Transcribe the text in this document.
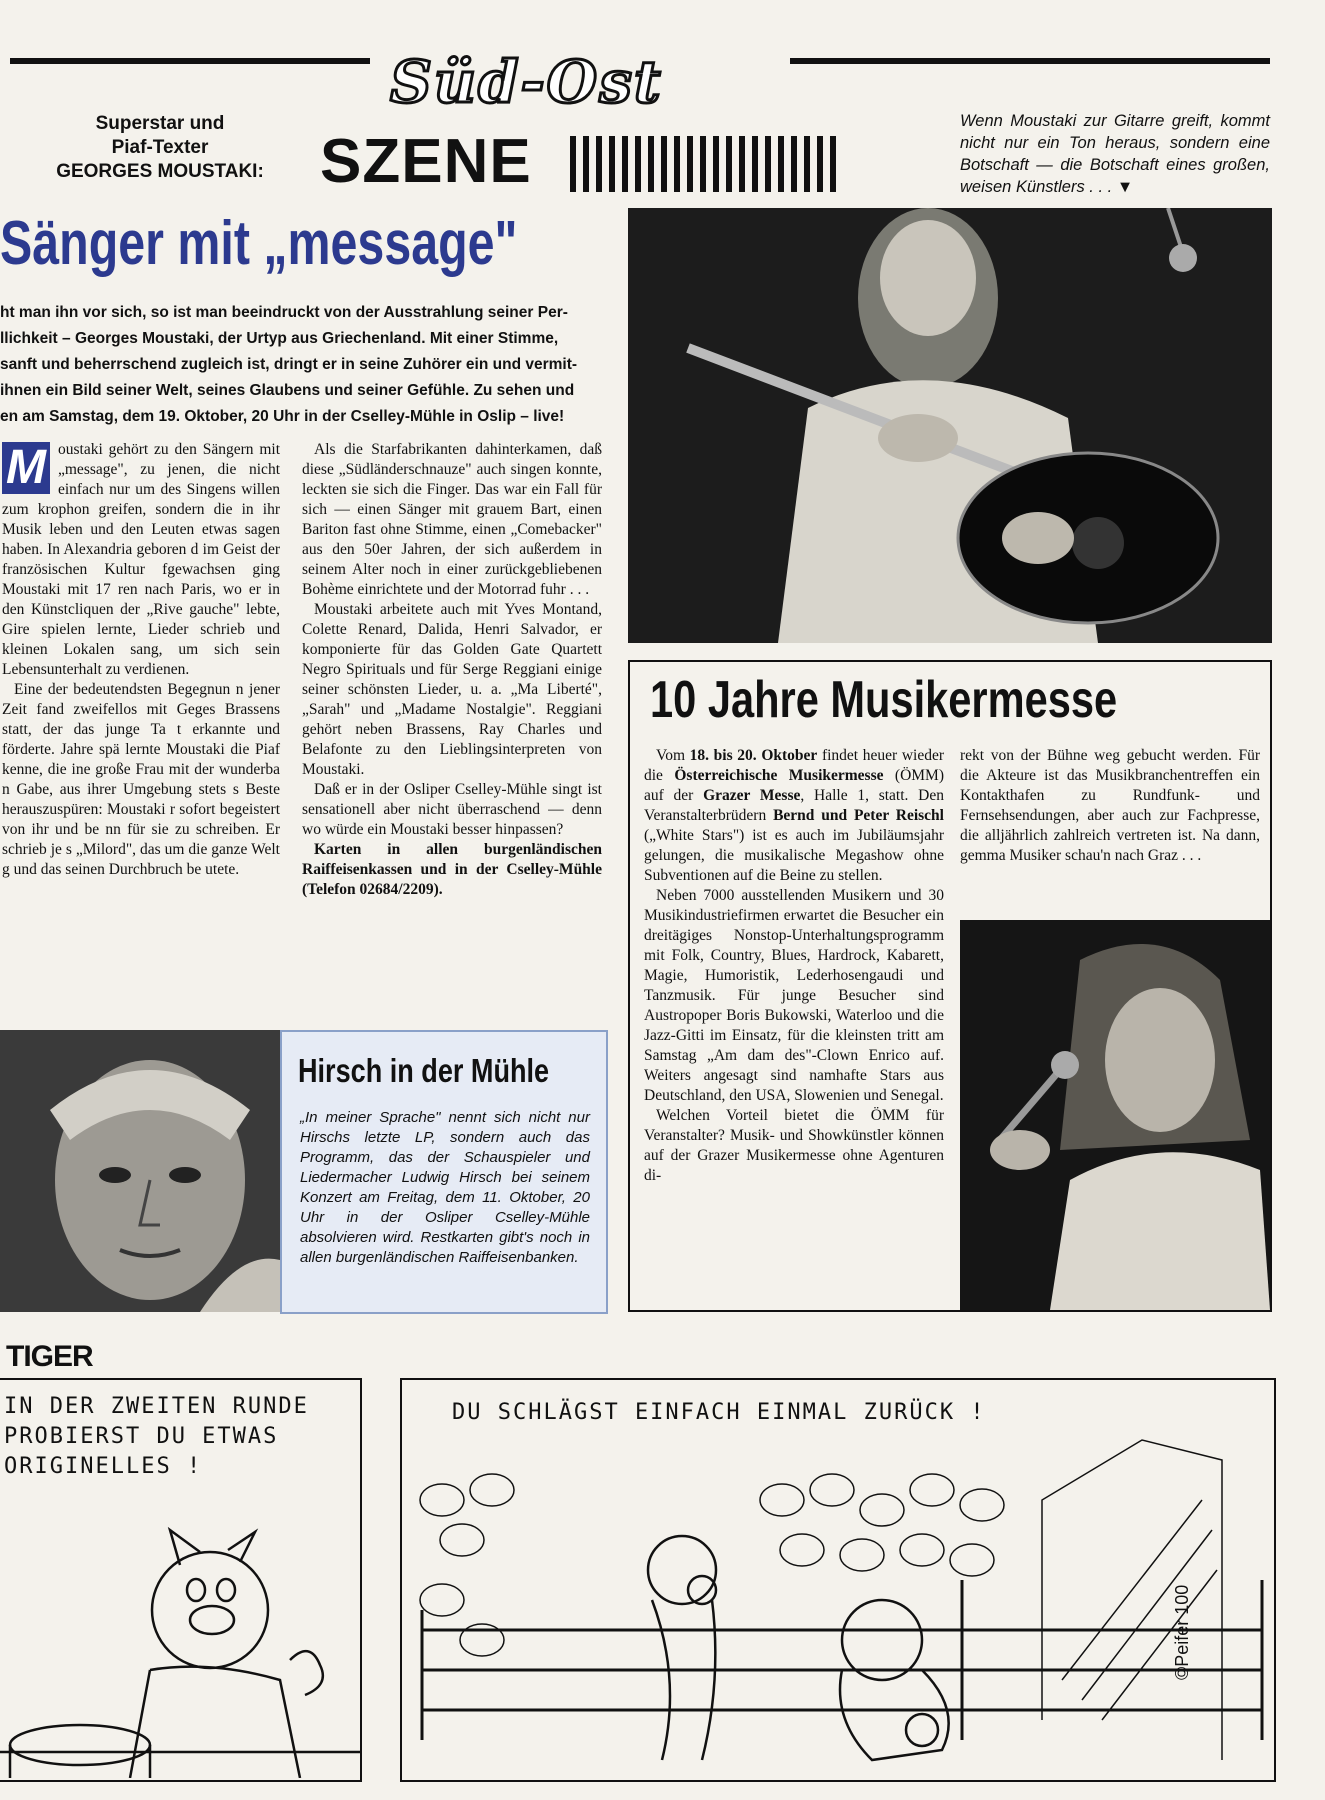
Superstar und
Piaf-Texter
GEORGES MOUSTAKI:
Süd-Ost
SZENE
Wenn Moustaki zur Gitarre greift, kommt nicht nur ein Ton heraus, sondern eine Botschaft — die Botschaft eines großen, weisen Künstlers . . . ▼
Sänger mit „message"
ht man ihn vor sich, so ist man beeindruckt von der Ausstrahlung seiner Per-
llichkeit – Georges Moustaki, der Urtyp aus Griechenland. Mit einer Stimme,
sanft und beherrschend zugleich ist, dringt er in seine Zuhörer ein und vermit-
ihnen ein Bild seiner Welt, seines Glaubens und seiner Gefühle. Zu sehen und
en am Samstag, dem 19. Oktober, 20 Uhr in der Cselley-Mühle in Oslip – live!
M oustaki gehört zu den Sängern mit „message", zu jenen, die nicht einfach nur um des Singens willen zum krophon greifen, sondern die in ihr Musik leben und den Leuten etwas sagen haben. In Alexandria geboren d im Geist der französischen Kultur fgewachsen ging Moustaki mit 17 ren nach Paris, wo er in den Künstcliquen der „Rive gauche" lebte, Gire spielen lernte, Lieder schrieb und kleinen Lokalen sang, um sich sein Lebensunterhalt zu verdienen.

Eine der bedeutendsten Begegnun n jener Zeit fand zweifellos mit Geges Brassens statt, der das junge Ta t erkannte und förderte. Jahre spä lernte Moustaki die Piaf kenne, die ine große Frau mit der wunderba n Gabe, aus ihrer Umgebung stets s Beste herauszuspüren: Moustaki r sofort begeistert von ihr und be nn für sie zu schreiben. Er schrieb je s „Milord", das um die ganze Welt g und das seinen Durchbruch be utete.

Als die Starfabrikanten dahinterkamen, daß diese „Südländerschnauze" auch singen konnte, leckten sie sich die Finger. Das war ein Fall für sich — einen Sänger mit grauem Bart, einen Bariton fast ohne Stimme, einen „Comebacker" aus den 50er Jahren, der sich außerdem in seinem Alter noch in einer zurückgebliebenen Bohème einrichtete und der Motorrad fuhr . . .

Moustaki arbeitete auch mit Yves Montand, Colette Renard, Dalida, Henri Salvador, er komponierte für das Golden Gate Quartett Negro Spirituals und für Serge Reggiani einige seiner schönsten Lieder, u. a. „Ma Liberté", „Sarah" und „Madame Nostalgie". Reggiani gehört neben Brassens, Ray Charles und Belafonte zu den Lieblingsinterpreten von Moustaki.

Daß er in der Osliper Cselley-Mühle singt ist sensationell aber nicht überraschend — denn wo würde ein Moustaki besser hinpassen?

Karten in allen burgenländischen Raiffeisenkassen und in der Cselley-Mühle (Telefon 02684/2209).

Hirsch in der Mühle
„In meiner Sprache" nennt sich nicht nur Hirschs letzte LP, sondern auch das Programm, das der Schauspieler und Liedermacher Ludwig Hirsch bei seinem Konzert am Freitag, dem 11. Oktober, 20 Uhr in der Osliper Cselley-Mühle absolvieren wird. Restkarten gibt's noch in allen burgenländischen Raiffeisenbanken.
10 Jahre Musikermesse

Vom 18. bis 20. Oktober findet heuer wieder die Österreichische Musikermesse (ÖMM) auf der Grazer Messe, Halle 1, statt. Den Veranstalterbrüdern Bernd und Peter Reischl („White Stars") ist es auch im Jubiläumsjahr gelungen, die musikalische Megashow ohne Subventionen auf die Beine zu stellen.

Neben 7000 ausstellenden Musikern und 30 Musikindustriefirmen erwartet die Besucher ein dreitägiges Nonstop-Unterhaltungsprogramm mit Folk, Country, Blues, Hardrock, Kabarett, Magie, Humoristik, Lederhosengaudi und Tanzmusik. Für junge Besucher sind Austropoper Boris Bukowski, Waterloo und die Jazz-Gitti im Einsatz, für die kleinsten tritt am Samstag „Am dam des"-Clown Enrico auf. Weiters angesagt sind namhafte Stars aus Deutschland, den USA, Slowenien und Senegal.

Welchen Vorteil bietet die ÖMM für Veranstalter? Musik- und Showkünstler können auf der Grazer Musikermesse ohne Agenturen di-

rekt von der Bühne weg gebucht werden. Für die Akteure ist das Musikbranchentreffen ein Kontakthafen zu Rundfunk- und Fernsehsendungen, aber auch zur Fachpresse, die alljährlich zahlreich vertreten ist. Na dann, gemma Musiker schau'n nach Graz . . .

TIGER
IN DER ZWEITEN RUNDE
PROBIERST DU ETWAS
ORIGINELLES !
DU SCHLÄGST EINFACH EINMAL ZURÜCK !
©Peifer 100
